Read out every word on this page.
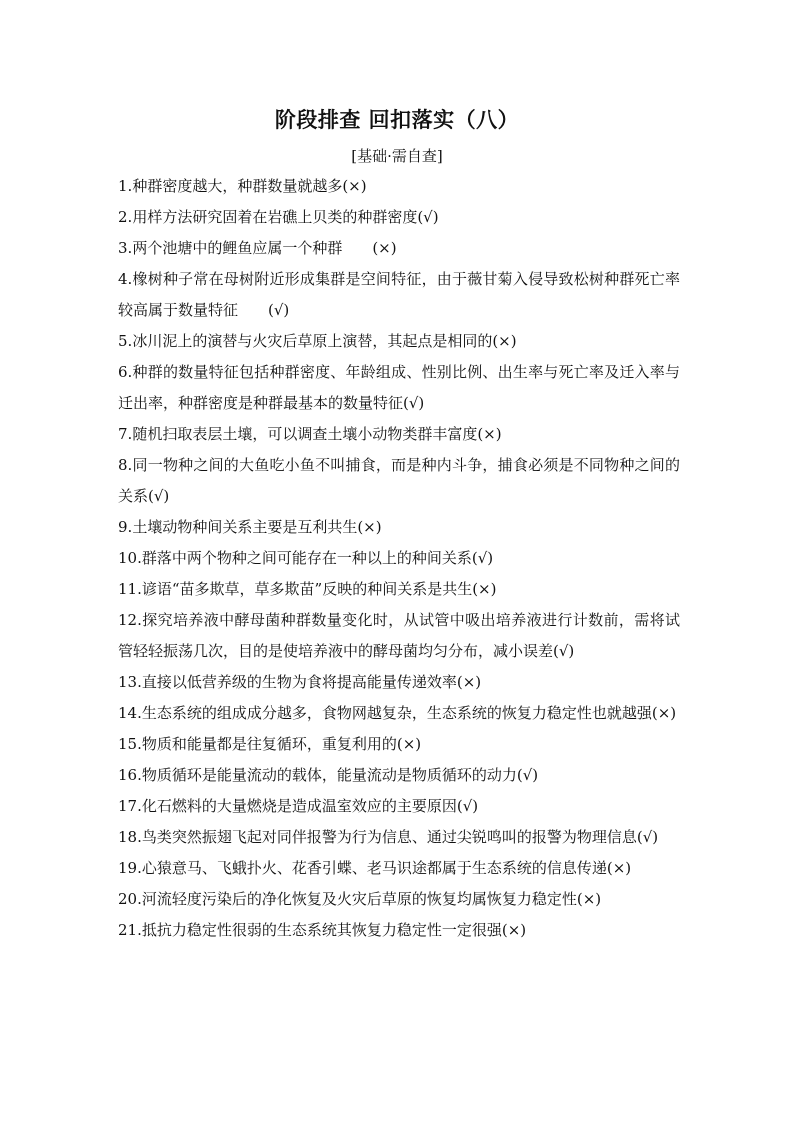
阶段排查 回扣落实（八）
[基础·需自查]
1.种群密度越大，种群数量就越多(×)
2.用样方法研究固着在岩礁上贝类的种群密度(√)
3.两个池塘中的鲤鱼应属一个种群 (×)
4.橡树种子常在母树附近形成集群是空间特征，由于薇甘菊入侵导致松树种群死亡率较高属于数量特征 (√)
5.冰川泥上的演替与火灾后草原上演替，其起点是相同的(×)
6.种群的数量特征包括种群密度、年龄组成、性别比例、出生率与死亡率及迁入率与迁出率，种群密度是种群最基本的数量特征(√)
7.随机扫取表层土壤，可以调查土壤小动物类群丰富度(×)
8.同一物种之间的大鱼吃小鱼不叫捕食，而是种内斗争，捕食必须是不同物种之间的关系(√)
9.土壤动物种间关系主要是互利共生(×)
10.群落中两个物种之间可能存在一种以上的种间关系(√)
11.谚语“苗多欺草，草多欺苗”反映的种间关系是共生(×)
12.探究培养液中酵母菌种群数量变化时，从试管中吸出培养液进行计数前，需将试管轻轻振荡几次，目的是使培养液中的酵母菌均匀分布，减小误差(√)
13.直接以低营养级的生物为食将提高能量传递效率(×)
14.生态系统的组成成分越多，食物网越复杂，生态系统的恢复力稳定性也就越强(×)
15.物质和能量都是往复循环，重复利用的(×)
16.物质循环是能量流动的载体，能量流动是物质循环的动力(√)
17.化石燃料的大量燃烧是造成温室效应的主要原因(√)
18.鸟类突然振翅飞起对同伴报警为行为信息、通过尖锐鸣叫的报警为物理信息(√)
19.心猿意马、飞蛾扑火、花香引蝶、老马识途都属于生态系统的信息传递(×)
20.河流轻度污染后的净化恢复及火灾后草原的恢复均属恢复力稳定性(×)
21.抵抗力稳定性很弱的生态系统其恢复力稳定性一定很强(×)
